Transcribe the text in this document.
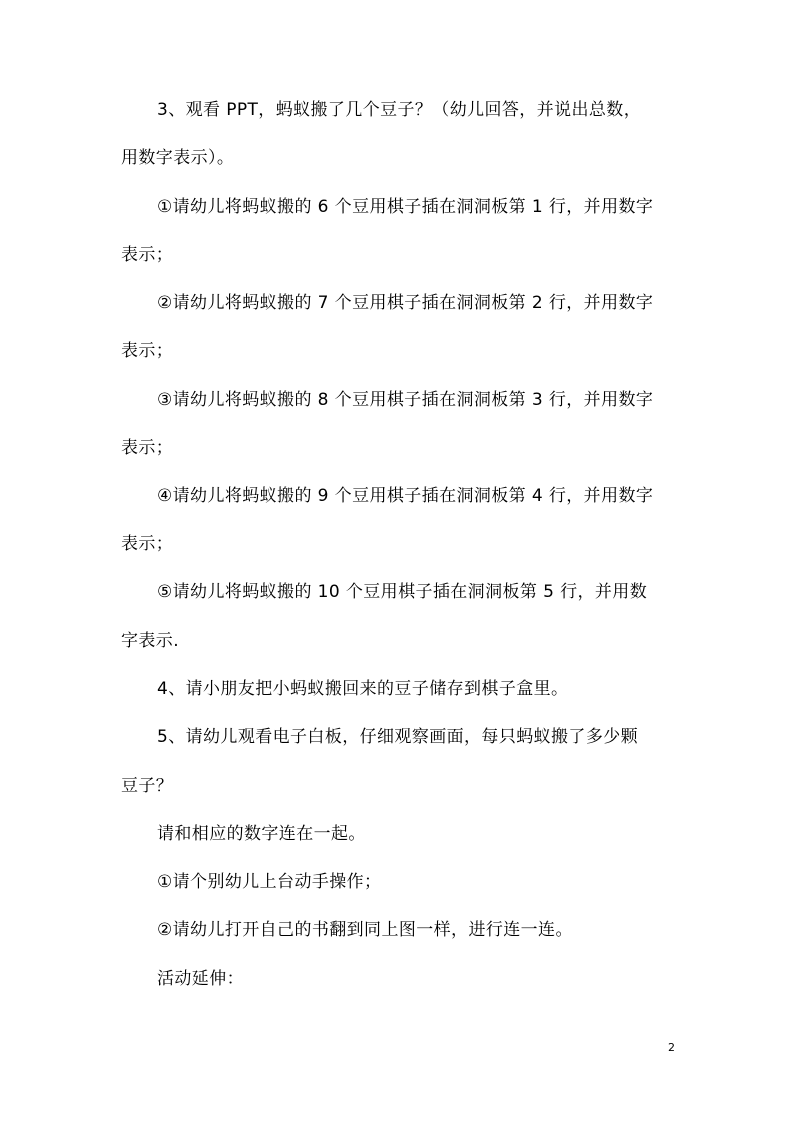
3、观看 PPT，蚂蚁搬了几个豆子？（幼儿回答，并说出总数，
用数字表示）。
①请幼儿将蚂蚁搬的 6 个豆用棋子插在洞洞板第 1 行，并用数字
表示；
②请幼儿将蚂蚁搬的 7 个豆用棋子插在洞洞板第 2 行，并用数字
表示；
③请幼儿将蚂蚁搬的 8 个豆用棋子插在洞洞板第 3 行，并用数字
表示；
④请幼儿将蚂蚁搬的 9 个豆用棋子插在洞洞板第 4 行，并用数字
表示；
⑤请幼儿将蚂蚁搬的 10 个豆用棋子插在洞洞板第 5 行，并用数
字表示.
4、请小朋友把小蚂蚁搬回来的豆子储存到棋子盒里。
5、请幼儿观看电子白板，仔细观察画面，每只蚂蚁搬了多少颗
豆子？
请和相应的数字连在一起。
①请个别幼儿上台动手操作；
②请幼儿打开自己的书翻到同上图一样，进行连一连。
活动延伸：
2
